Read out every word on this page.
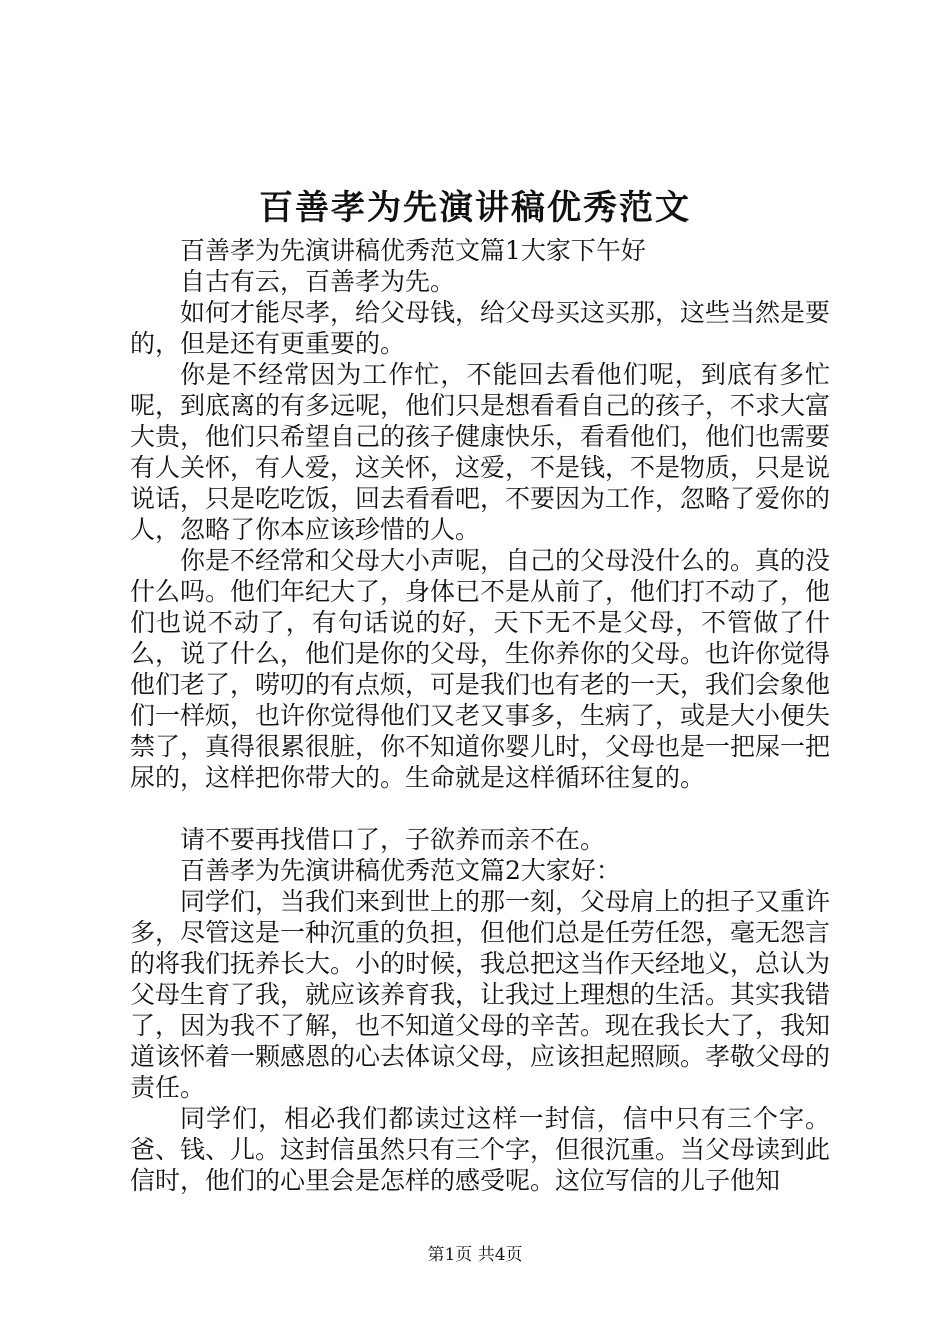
百善孝为先演讲稿优秀范文

百善孝为先演讲稿优秀范文篇1大家下午好

自古有云，百善孝为先。

如何才能尽孝，给父母钱，给父母买这买那，这些当然是要的，但是还有更重要的。

你是不经常因为工作忙，不能回去看他们呢，到底有多忙呢，到底离的有多远呢，他们只是想看看自己的孩子，不求大富大贵，他们只希望自己的孩子健康快乐，看看他们，他们也需要有人关怀，有人爱，这关怀，这爱，不是钱，不是物质，只是说说话，只是吃吃饭，回去看看吧，不要因为工作，忽略了爱你的人，忽略了你本应该珍惜的人。

你是不经常和父母大小声呢，自己的父母没什么的。真的没什么吗。他们年纪大了，身体已不是从前了，他们打不动了，他们也说不动了，有句话说的好，天下无不是父母，不管做了什么，说了什么，他们是你的父母，生你养你的父母。也许你觉得他们老了，唠叨的有点烦，可是我们也有老的一天，我们会象他们一样烦，也许你觉得他们又老又事多，生病了，或是大小便失禁了，真得很累很脏，你不知道你婴儿时，父母也是一把屎一把尿的，这样把你带大的。生命就是这样循环往复的。

请不要再找借口了，子欲养而亲不在。

百善孝为先演讲稿优秀范文篇2大家好：

同学们，当我们来到世上的那一刻，父母肩上的担子又重许多，尽管这是一种沉重的负担，但他们总是任劳任怨，毫无怨言的将我们抚养长大。小的时候，我总把这当作天经地义，总认为父母生育了我，就应该养育我，让我过上理想的生活。其实我错了，因为我不了解，也不知道父母的辛苦。现在我长大了，我知道该怀着一颗感恩的心去体谅父母，应该担起照顾。孝敬父母的责任。

同学们，相必我们都读过这样一封信，信中只有三个字。爸、钱、儿。这封信虽然只有三个字，但很沉重。当父母读到此信时，他们的心里会是怎样的感受呢。这位写信的儿子他知

第1页 共4页
